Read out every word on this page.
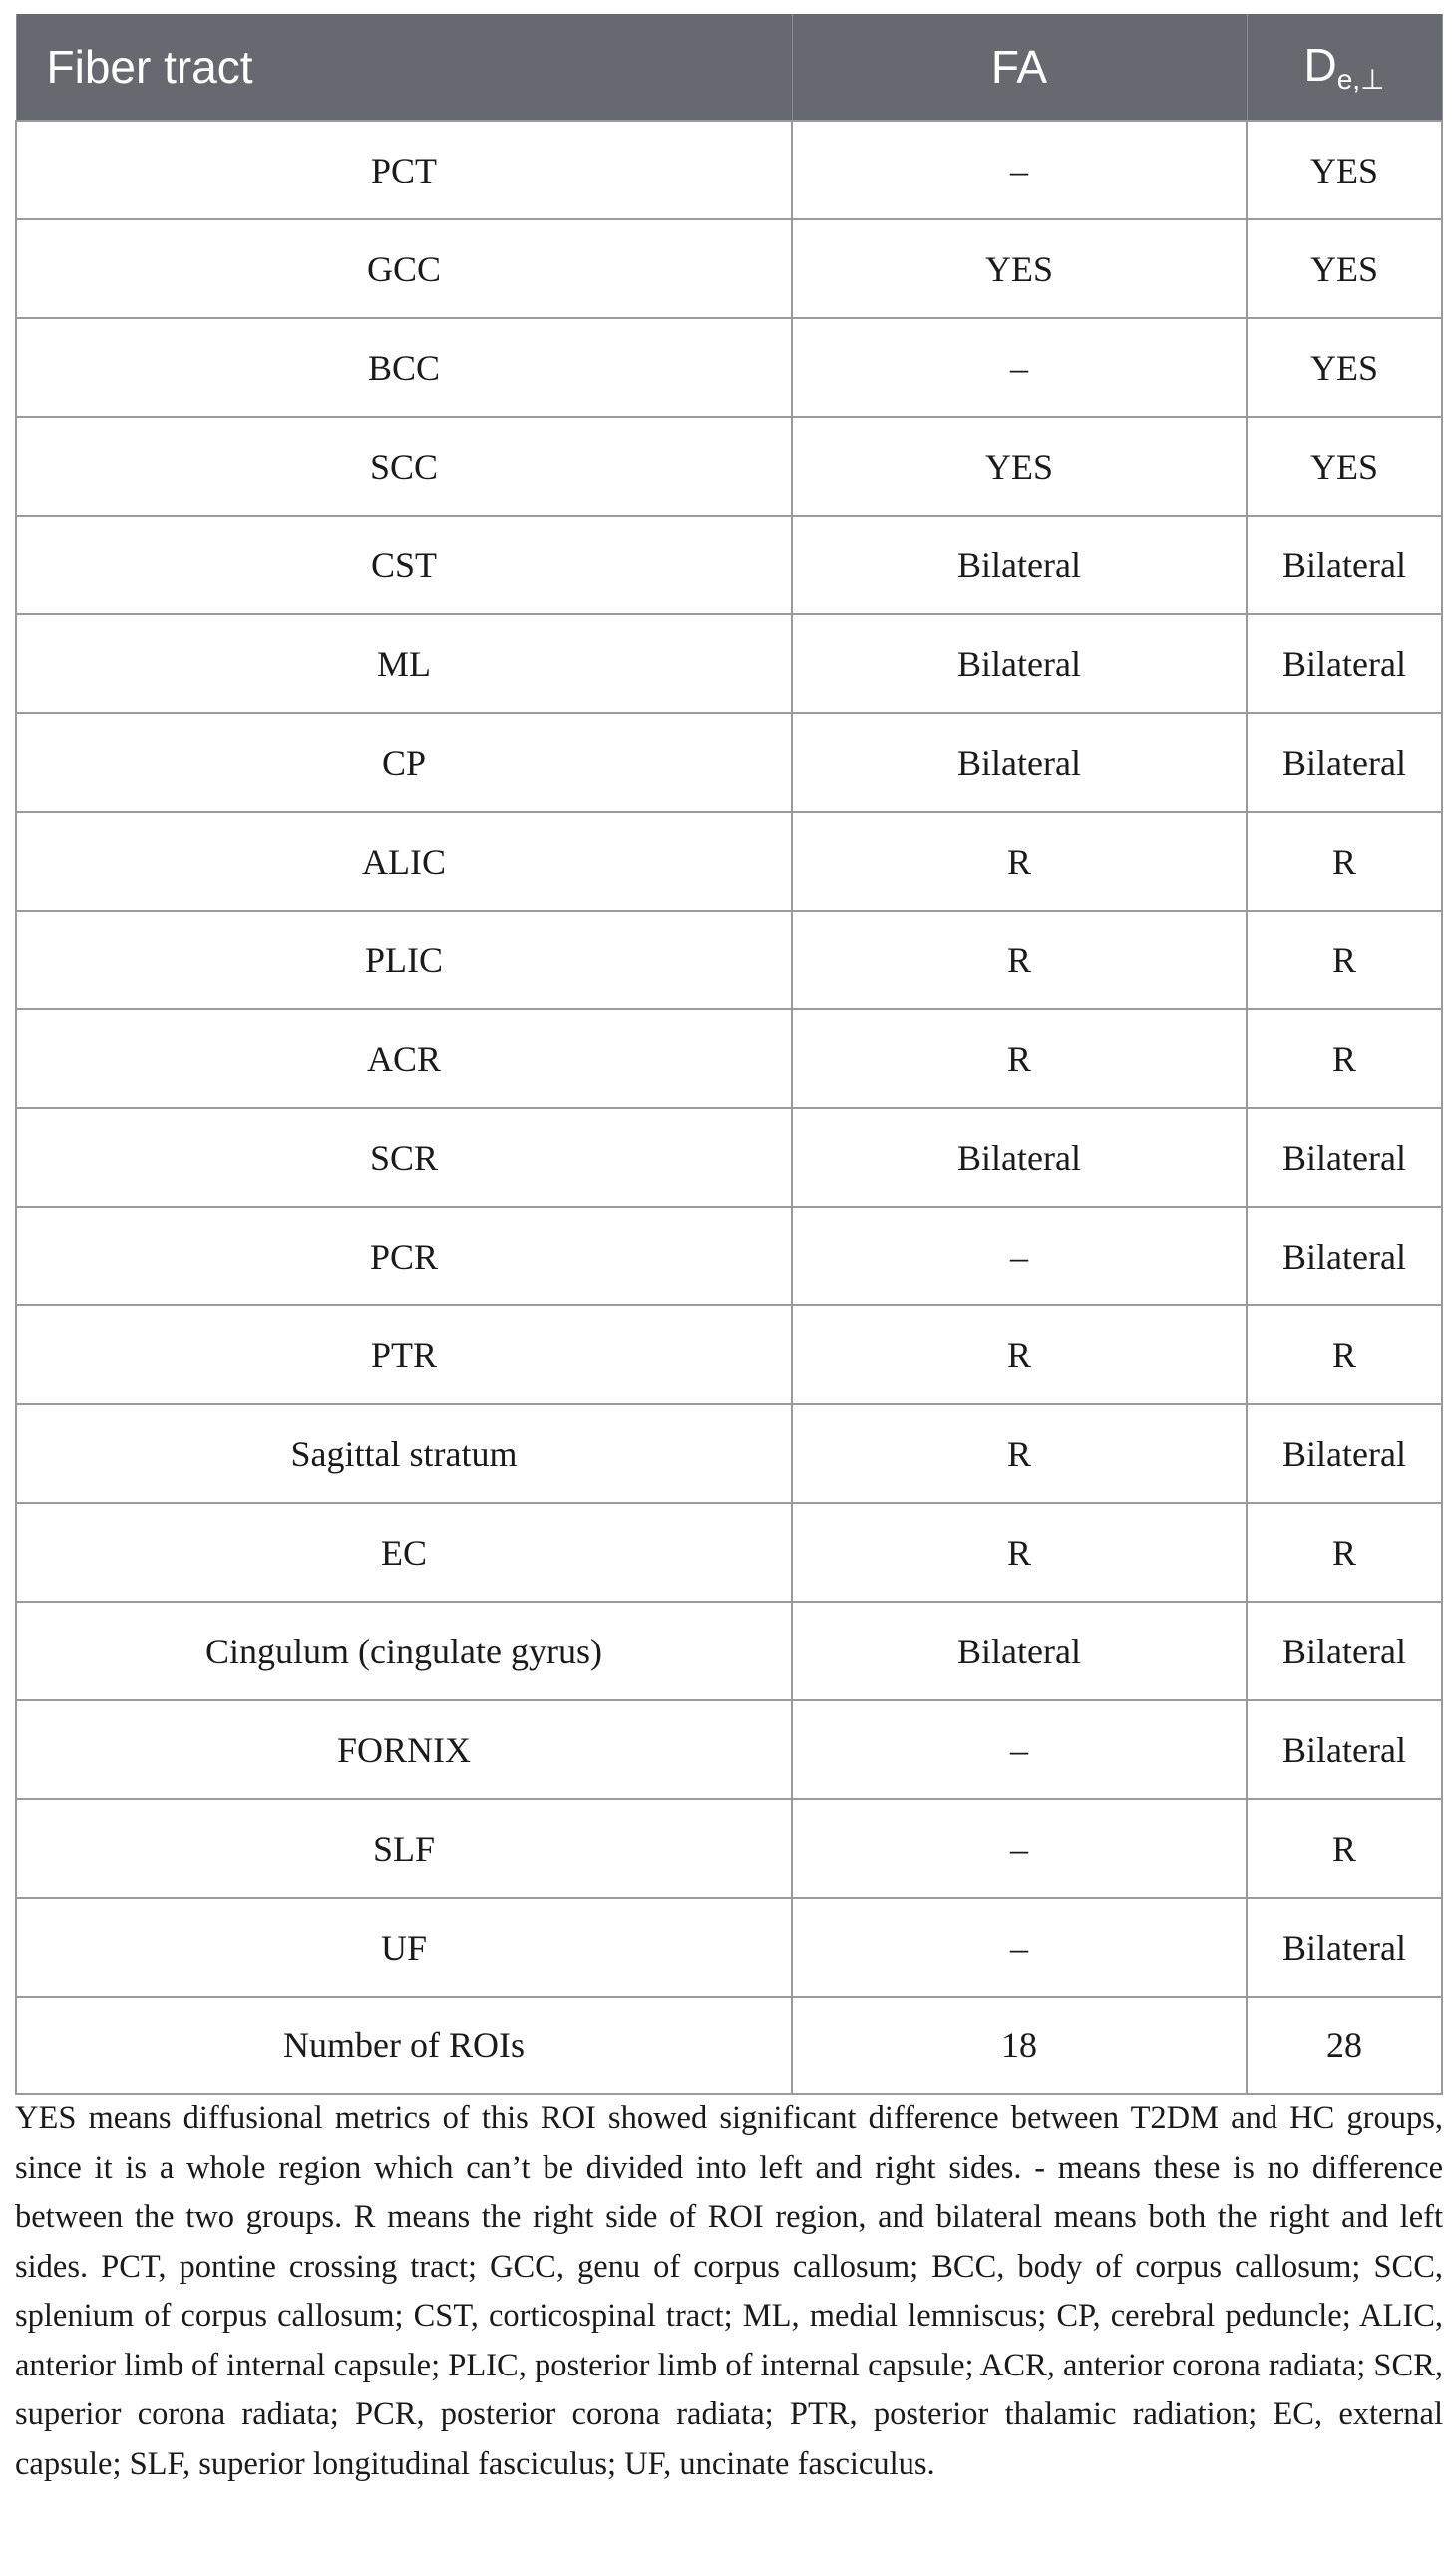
Fiber tract	FA	$D_{e,\perp}$
PCT	–	YES
GCC	YES	YES
BCC	–	YES
SCC	YES	YES
CST	Bilateral	Bilateral
ML	Bilateral	Bilateral
CP	Bilateral	Bilateral
ALIC	R	R
PLIC	R	R
ACR	R	R
SCR	Bilateral	Bilateral
PCR	–	Bilateral
PTR	R	R
Sagittal stratum	R	Bilateral
EC	R	R
Cingulum (cingulate gyrus)	Bilateral	Bilateral
FORNIX	–	Bilateral
SLF	–	R
UF	–	Bilateral
Number of ROIs	18	28
YES means diffusional metrics of this ROI showed significant difference between T2DM and HC groups, since it is a whole region which can’t be divided into left and right sides. - means these is no difference between the two groups. R means the right side of ROI region, and bilateral means both the right and left sides. PCT, pontine crossing tract; GCC, genu of corpus callosum; BCC, body of corpus callosum; SCC, splenium of corpus callosum; CST, corticospinal tract; ML, medial lemniscus; CP, cerebral peduncle; ALIC, anterior limb of internal capsule; PLIC, posterior limb of internal capsule; ACR, anterior corona radiata; SCR, superior corona radiata; PCR, posterior corona radiata; PTR, posterior thalamic radiation; EC, external capsule; SLF, superior longitudinal fasciculus; UF, uncinate fasciculus.
